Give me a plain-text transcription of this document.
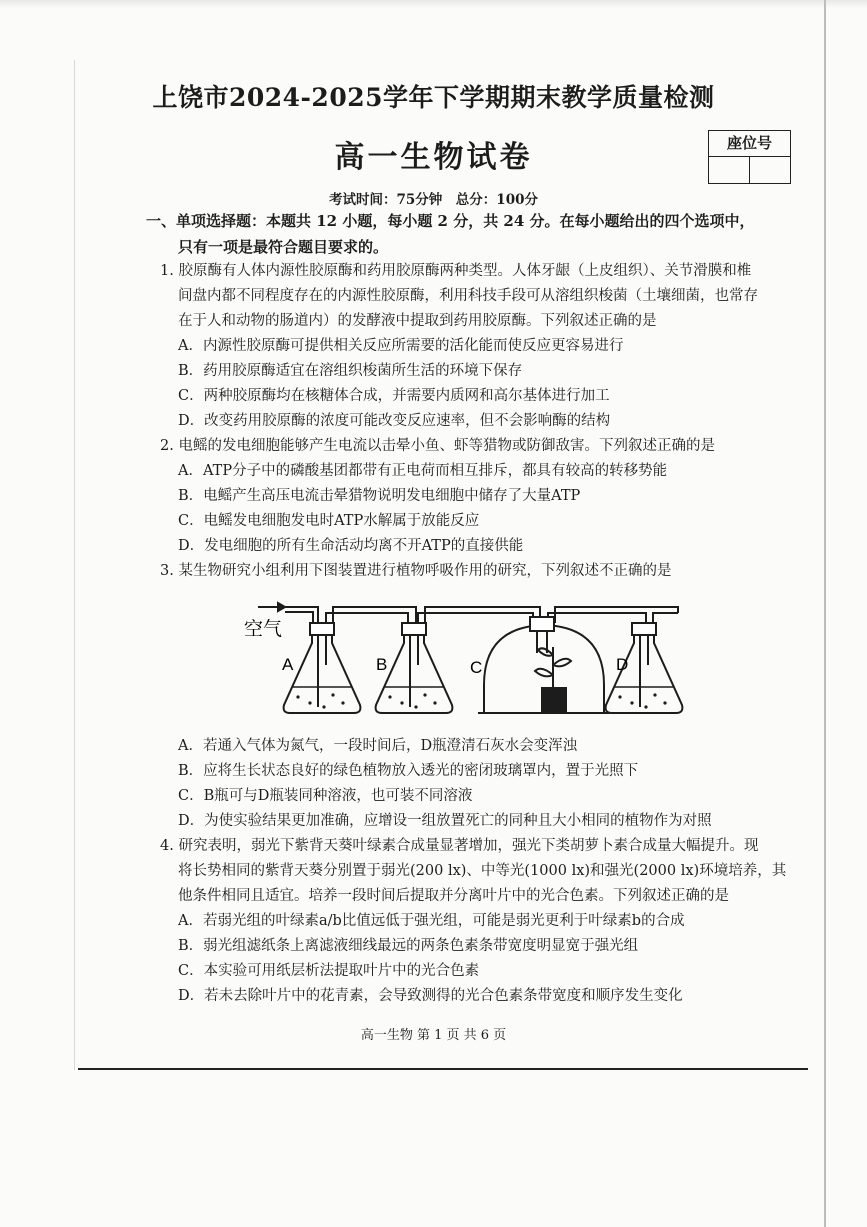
上饶市2024-2025学年下学期期末教学质量检测
高一生物试卷	座位号
考试时间：75分钟　总分：100分
一、单项选择题：本题共 12 小题，每小题 2 分，共 24 分。在每小题给出的四个选项中，
只有一项是最符合题目要求的。
1. 胶原酶有人体内源性胶原酶和药用胶原酶两种类型。人体牙龈（上皮组织）、关节滑膜和椎
间盘内都不同程度存在的内源性胶原酶，利用科技手段可从溶组织梭菌（土壤细菌，也常存
在于人和动物的肠道内）的发酵液中提取到药用胶原酶。下列叙述正确的是
A．内源性胶原酶可提供相关反应所需要的活化能而使反应更容易进行
B．药用胶原酶适宜在溶组织梭菌所生活的环境下保存
C．两种胶原酶均在核糖体合成，并需要内质网和高尔基体进行加工
D．改变药用胶原酶的浓度可能改变反应速率，但不会影响酶的结构
2. 电鳐的发电细胞能够产生电流以击晕小鱼、虾等猎物或防御敌害。下列叙述正确的是
A．ATP分子中的磷酸基团都带有正电荷而相互排斥，都具有较高的转移势能
B．电鳐产生高压电流击晕猎物说明发电细胞中储存了大量ATP
C．电鳐发电细胞发电时ATP水解属于放能反应
D．发电细胞的所有生命活动均离不开ATP的直接供能
3. 某生物研究小组利用下图装置进行植物呼吸作用的研究，下列叙述不正确的是
空气
A	B	C	D
A．若通入气体为氮气，一段时间后，D瓶澄清石灰水会变浑浊
B．应将生长状态良好的绿色植物放入透光的密闭玻璃罩内，置于光照下
C．B瓶可与D瓶装同种溶液，也可装不同溶液
D．为使实验结果更加准确，应增设一组放置死亡的同种且大小相同的植物作为对照
4. 研究表明，弱光下紫背天葵叶绿素合成量显著增加，强光下类胡萝卜素合成量大幅提升。现
将长势相同的紫背天葵分别置于弱光(200 lx)、中等光(1000 lx)和强光(2000 lx)环境培养，其
他条件相同且适宜。培养一段时间后提取并分离叶片中的光合色素。下列叙述正确的是
A．若弱光组的叶绿素a/b比值远低于强光组，可能是弱光更利于叶绿素b的合成
B．弱光组滤纸条上离滤液细线最远的两条色素条带宽度明显宽于强光组
C．本实验可用纸层析法提取叶片中的光合色素
D．若未去除叶片中的花青素，会导致测得的光合色素条带宽度和顺序发生变化
高一生物 第 1 页 共 6 页
